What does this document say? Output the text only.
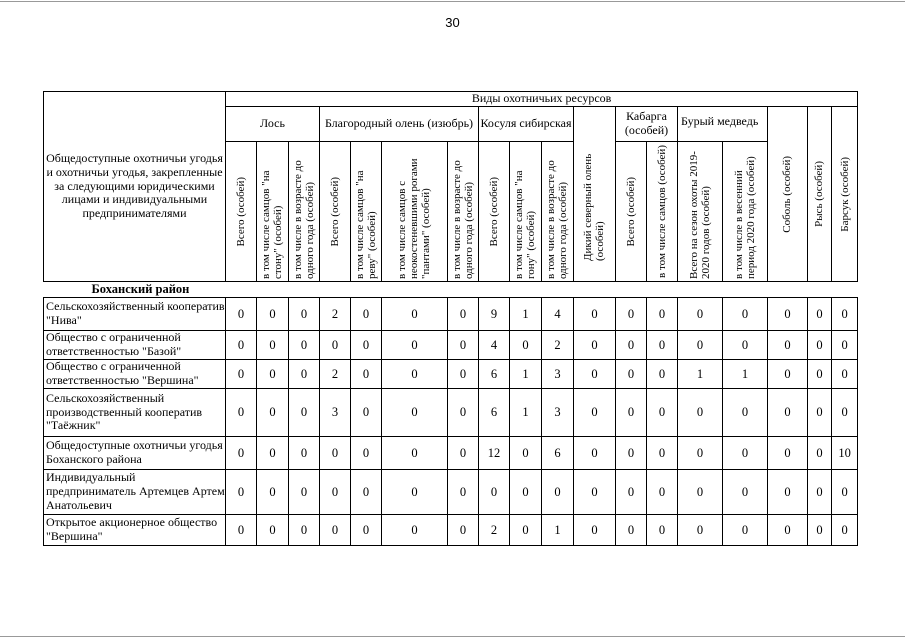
30
Общедоступные охотничьи угодья и охотничьи угодья, закрепленные за следующими юридическими лицами и индивидуальными предпринимателями	Виды охотничьих ресурсов																	
	Лось			Благородный олень (изюбрь)				Косуля сибирская			Дикий северный олень (особей)	Кабарга (особей)		Бурый медведь		Соболь (особей)	Рысь (особей)	Барсук (особей)

	Всего (особей)	в том числе самцов "на стону" (особей)	в том числе в возрасте до одного года (особей)	Всего (особей)	в том числе самцов "на реву" (особей)	в том числе самцов с неокостеневшими рогами "пантами" (особей)	в том числе в возрасте до одного года (особей)	Всего (особей)	в том числе самцов "на гону" (особей)	в том числе в возрасте до одного года (особей)		Всего (особей)	в том числе самцов (особей)	Всего на сезон охоты 2019-2020 годов (особей)	в том числе в весенний период 2020 года (особей)			

Боханский район																		
Сельскохозяйственный кооператив "Нива"	0	0	0	2	0	0	0	9	1	4	0	0	0	0	0	0	0	0
Общество с ограниченной ответственностью "Базой"	0	0	0	0	0	0	0	4	0	2	0	0	0	0	0	0	0	0
Общество с ограниченной ответственностью "Вершина"	0	0	0	2	0	0	0	6	1	3	0	0	0	1	1	0	0	0
Сельскохозяйственный производственный кооператив "Таёжник"	0	0	0	3	0	0	0	6	1	3	0	0	0	0	0	0	0	0
Общедоступные охотничьи угодья Боханского района	0	0	0	0	0	0	0	12	0	6	0	0	0	0	0	0	0	10
Индивидуальный предприниматель Артемцев Артем Анатольевич	0	0	0	0	0	0	0	0	0	0	0	0	0	0	0	0	0	0
Открытое акционерное общество "Вершина"	0	0	0	0	0	0	0	2	0	1	0	0	0	0	0	0	0	0
